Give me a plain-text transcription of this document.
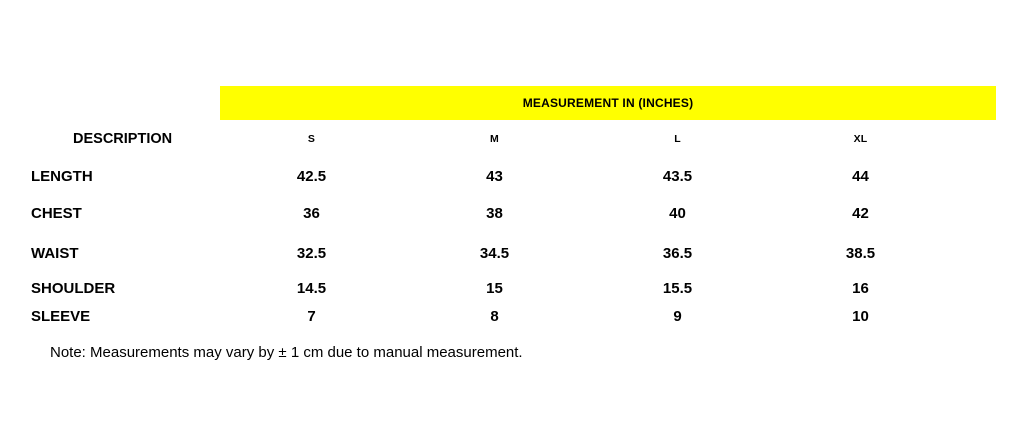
MEASUREMENT IN (INCHES)
DESCRIPTION	S	M	L	XL
LENGTH	42.5	43	43.5	44
CHEST	36	38	40	42
WAIST	32.5	34.5	36.5	38.5
SHOULDER	14.5	15	15.5	16
SLEEVE	7	8	9	10
Note: Measurements may vary by ± 1 cm due to manual measurement.
